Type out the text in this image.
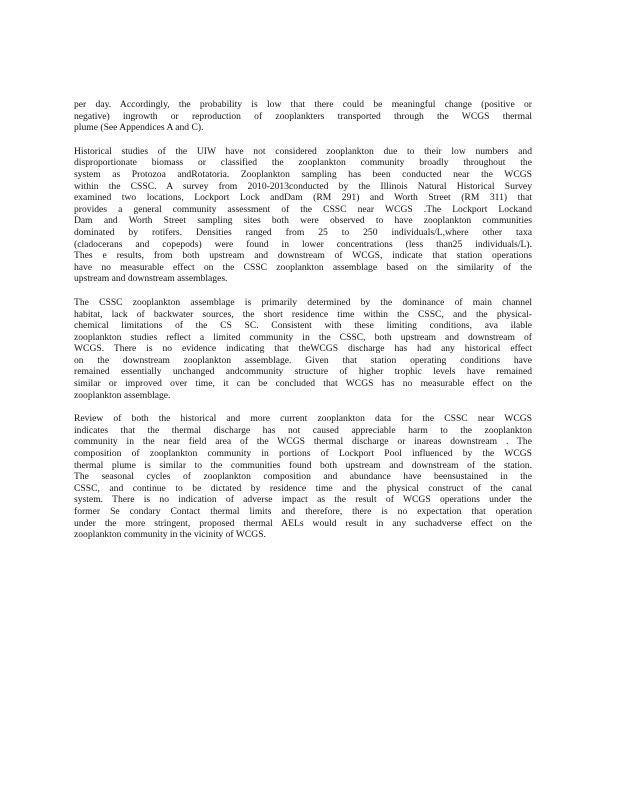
per day. Accordingly, the probability is low that there could be meaningful change (positive or
negative) ingrowth or reproduction of zooplankters transported through the WCGS thermal
plume (See Appendices A and C).
Historical studies of the UIW have not considered zooplankton due to their low numbers and
disproportionate biomass or classified the zooplankton community broadly throughout the
system as Protozoa andRotatoria. Zooplankton sampling has been conducted near the WCGS
within the CSSC. A survey from 2010-2013conducted by the Illinois Natural Historical Survey
examined two locations, Lockport Lock andDam (RM 291) and Worth Street (RM 311) that
provides a general community assessment of the CSSC near WCGS .The Lockport Lockand
Dam and Worth Street sampling sites both were observed to have zooplankton communities
dominated by rotifers. Densities ranged from 25 to 250 individuals/L,where other taxa
(cladocerans and copepods) were found in lower concentrations (less than25 individuals/L).
Thes e results, from both upstream and downstream of WCGS, indicate that station operations
have no measurable effect on the CSSC zooplankton assemblage based on the similarity of the
upstream and downstream assemblages.
The CSSC zooplankton assemblage is primarily determined by the dominance of main channel
habitat, lack of backwater sources, the short residence time within the CSSC, and the physical-
chemical limitations of the CS SC. Consistent with these limiting conditions, ava ilable
zooplankton studies reflect a limited community in the CSSC, both upstream and downstream of
WCGS. There is no evidence indicating that theWCGS discharge has had any historical effect
on the downstream zooplankton assemblage. Given that station operating conditions have
remained essentially unchanged andcommunity structure of higher trophic levels have remained
similar or improved over time, it can be concluded that WCGS has no measurable effect on the
zooplankton assemblage.
Review of both the historical and more current zooplankton data for the CSSC near WCGS
indicates that the thermal discharge has not caused appreciable harm to the zooplankton
community in the near field area of the WCGS thermal discharge or inareas downstream . The
composition of zooplankton community in portions of Lockport Pool influenced by the WCGS
thermal plume is similar to the communities found both upstream and downstream of the station.
The seasonal cycles of zooplankton composition and abundance have beensustained in the
CSSC, and continue to be dictated by residence time and the physical construct of the canal
system. There is no indication of adverse impact as the result of WCGS operations under the
former Se condary Contact thermal limits and therefore, there is no expectation that operation
under the more stringent, proposed thermal AELs would result in any suchadverse effect on the
zooplankton community in the vicinity of WCGS.
